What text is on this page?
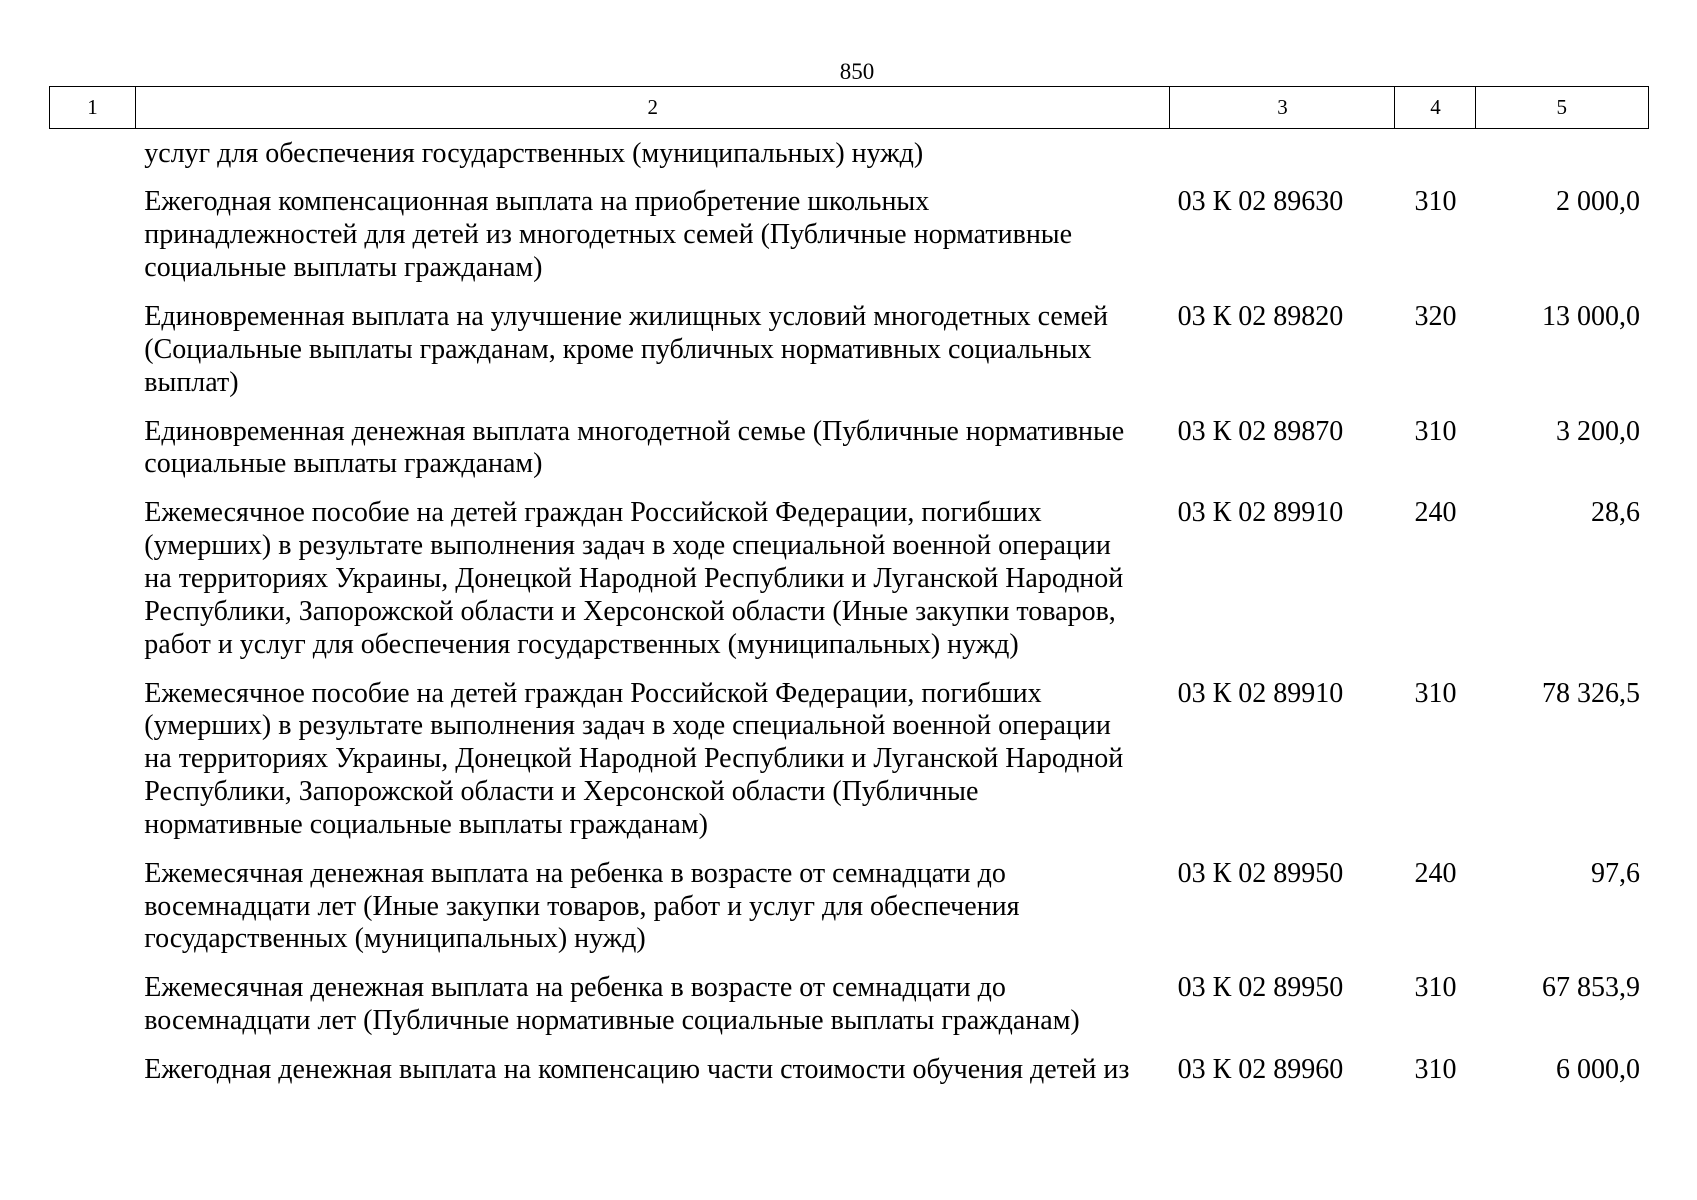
850
1	2	3	4	5
услуг для обеспечения государственных (муниципальных) нужд)
Ежегодная компенсационная выплата на приобретение школьных
принадлежностей для детей из многодетных семей (Публичные нормативные
социальные выплаты гражданам)
03 К 02 89630	310	2 000,0
Единовременная выплата на улучшение жилищных условий многодетных семей
(Социальные выплаты гражданам, кроме публичных нормативных социальных
выплат)
03 К 02 89820	320	13 000,0
Единовременная денежная выплата многодетной семье (Публичные нормативные
социальные выплаты гражданам)
03 К 02 89870	310	3 200,0
Ежемесячное пособие на детей граждан Российской Федерации, погибших
(умерших) в результате выполнения задач в ходе специальной военной операции
на территориях Украины, Донецкой Народной Республики и Луганской Народной
Республики, Запорожской области и Херсонской области (Иные закупки товаров,
работ и услуг для обеспечения государственных (муниципальных) нужд)
03 К 02 89910	240	28,6
Ежемесячное пособие на детей граждан Российской Федерации, погибших
(умерших) в результате выполнения задач в ходе специальной военной операции
на территориях Украины, Донецкой Народной Республики и Луганской Народной
Республики, Запорожской области и Херсонской области (Публичные
нормативные социальные выплаты гражданам)
03 К 02 89910	310	78 326,5
Ежемесячная денежная выплата на ребенка в возрасте от семнадцати до
восемнадцати лет (Иные закупки товаров, работ и услуг для обеспечения
государственных (муниципальных) нужд)
03 К 02 89950	240	97,6
Ежемесячная денежная выплата на ребенка в возрасте от семнадцати до
восемнадцати лет (Публичные нормативные социальные выплаты гражданам)
03 К 02 89950	310	67 853,9
Ежегодная денежная выплата на компенсацию части стоимости обучения детей из	03 К 02 89960	310	6 000,0
